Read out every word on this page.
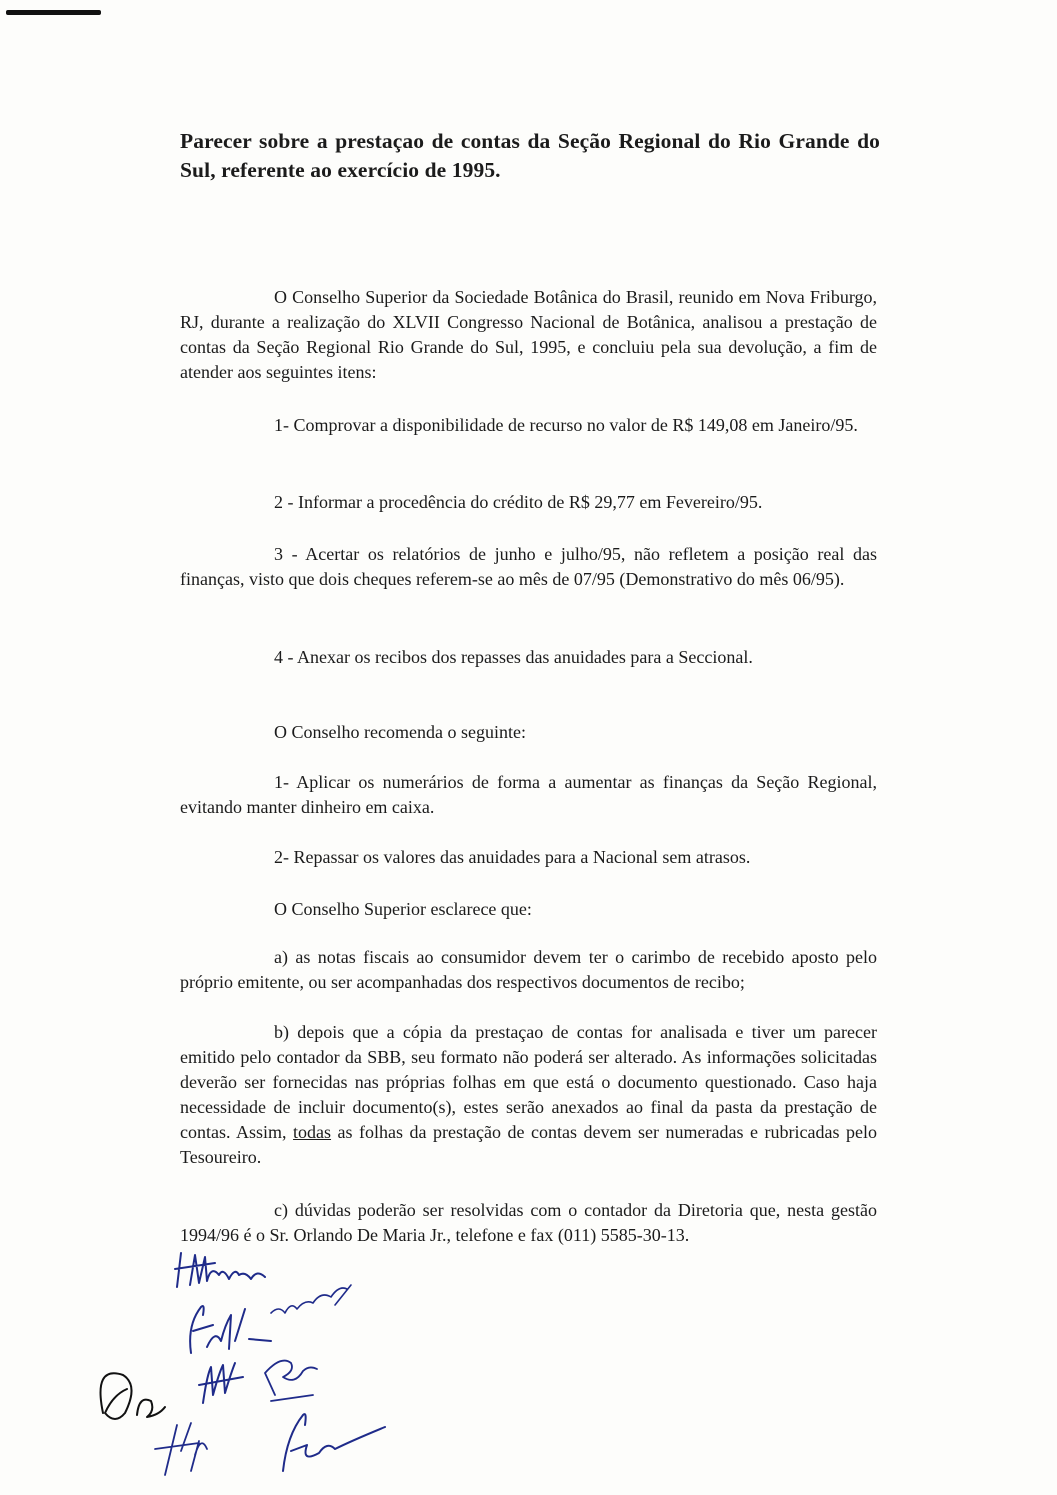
Parecer sobre a prestaçao de contas da Seção Regional do Rio Grande do Sul, referente ao exercício de 1995.
O Conselho Superior da Sociedade Botânica do Brasil, reunido em Nova Friburgo, RJ, durante a realização do XLVII Congresso Nacional de Botânica, analisou a prestação de contas da Seção Regional Rio Grande do Sul, 1995, e concluiu pela sua devolução, a fim de atender aos seguintes itens:
1- Comprovar a disponibilidade de recurso no valor de R$ 149,08 em Janeiro/95.
2 - Informar a procedência do crédito de R$ 29,77 em Fevereiro/95.
3 - Acertar os relatórios de junho e julho/95, não refletem a posição real das finanças, visto que dois cheques referem-se ao mês de 07/95 (Demonstrativo do mês 06/95).
4 - Anexar os recibos dos repasses das anuidades para a Seccional.
O Conselho recomenda o seguinte:
1- Aplicar os numerários de forma a aumentar as finanças da Seção Regional, evitando manter dinheiro em caixa.
2- Repassar os valores das anuidades para a Nacional sem atrasos.
O Conselho Superior esclarece que:
a) as notas fiscais ao consumidor devem ter o carimbo de recebido aposto pelo próprio emitente, ou ser acompanhadas dos respectivos documentos de recibo;
b) depois que a cópia da prestaçao de contas for analisada e tiver um parecer emitido pelo contador da SBB, seu formato não poderá ser alterado. As informações solicitadas deverão ser fornecidas nas próprias folhas em que está o documento questionado. Caso haja necessidade de incluir documento(s), estes serão anexados ao final da pasta da prestação de contas. Assim, todas as folhas da prestação de contas devem ser numeradas e rubricadas pelo Tesoureiro.
c) dúvidas poderão ser resolvidas com o contador da Diretoria que, nesta gestão 1994/96 é o Sr. Orlando De Maria Jr., telefone e fax (011) 5585-30-13.
